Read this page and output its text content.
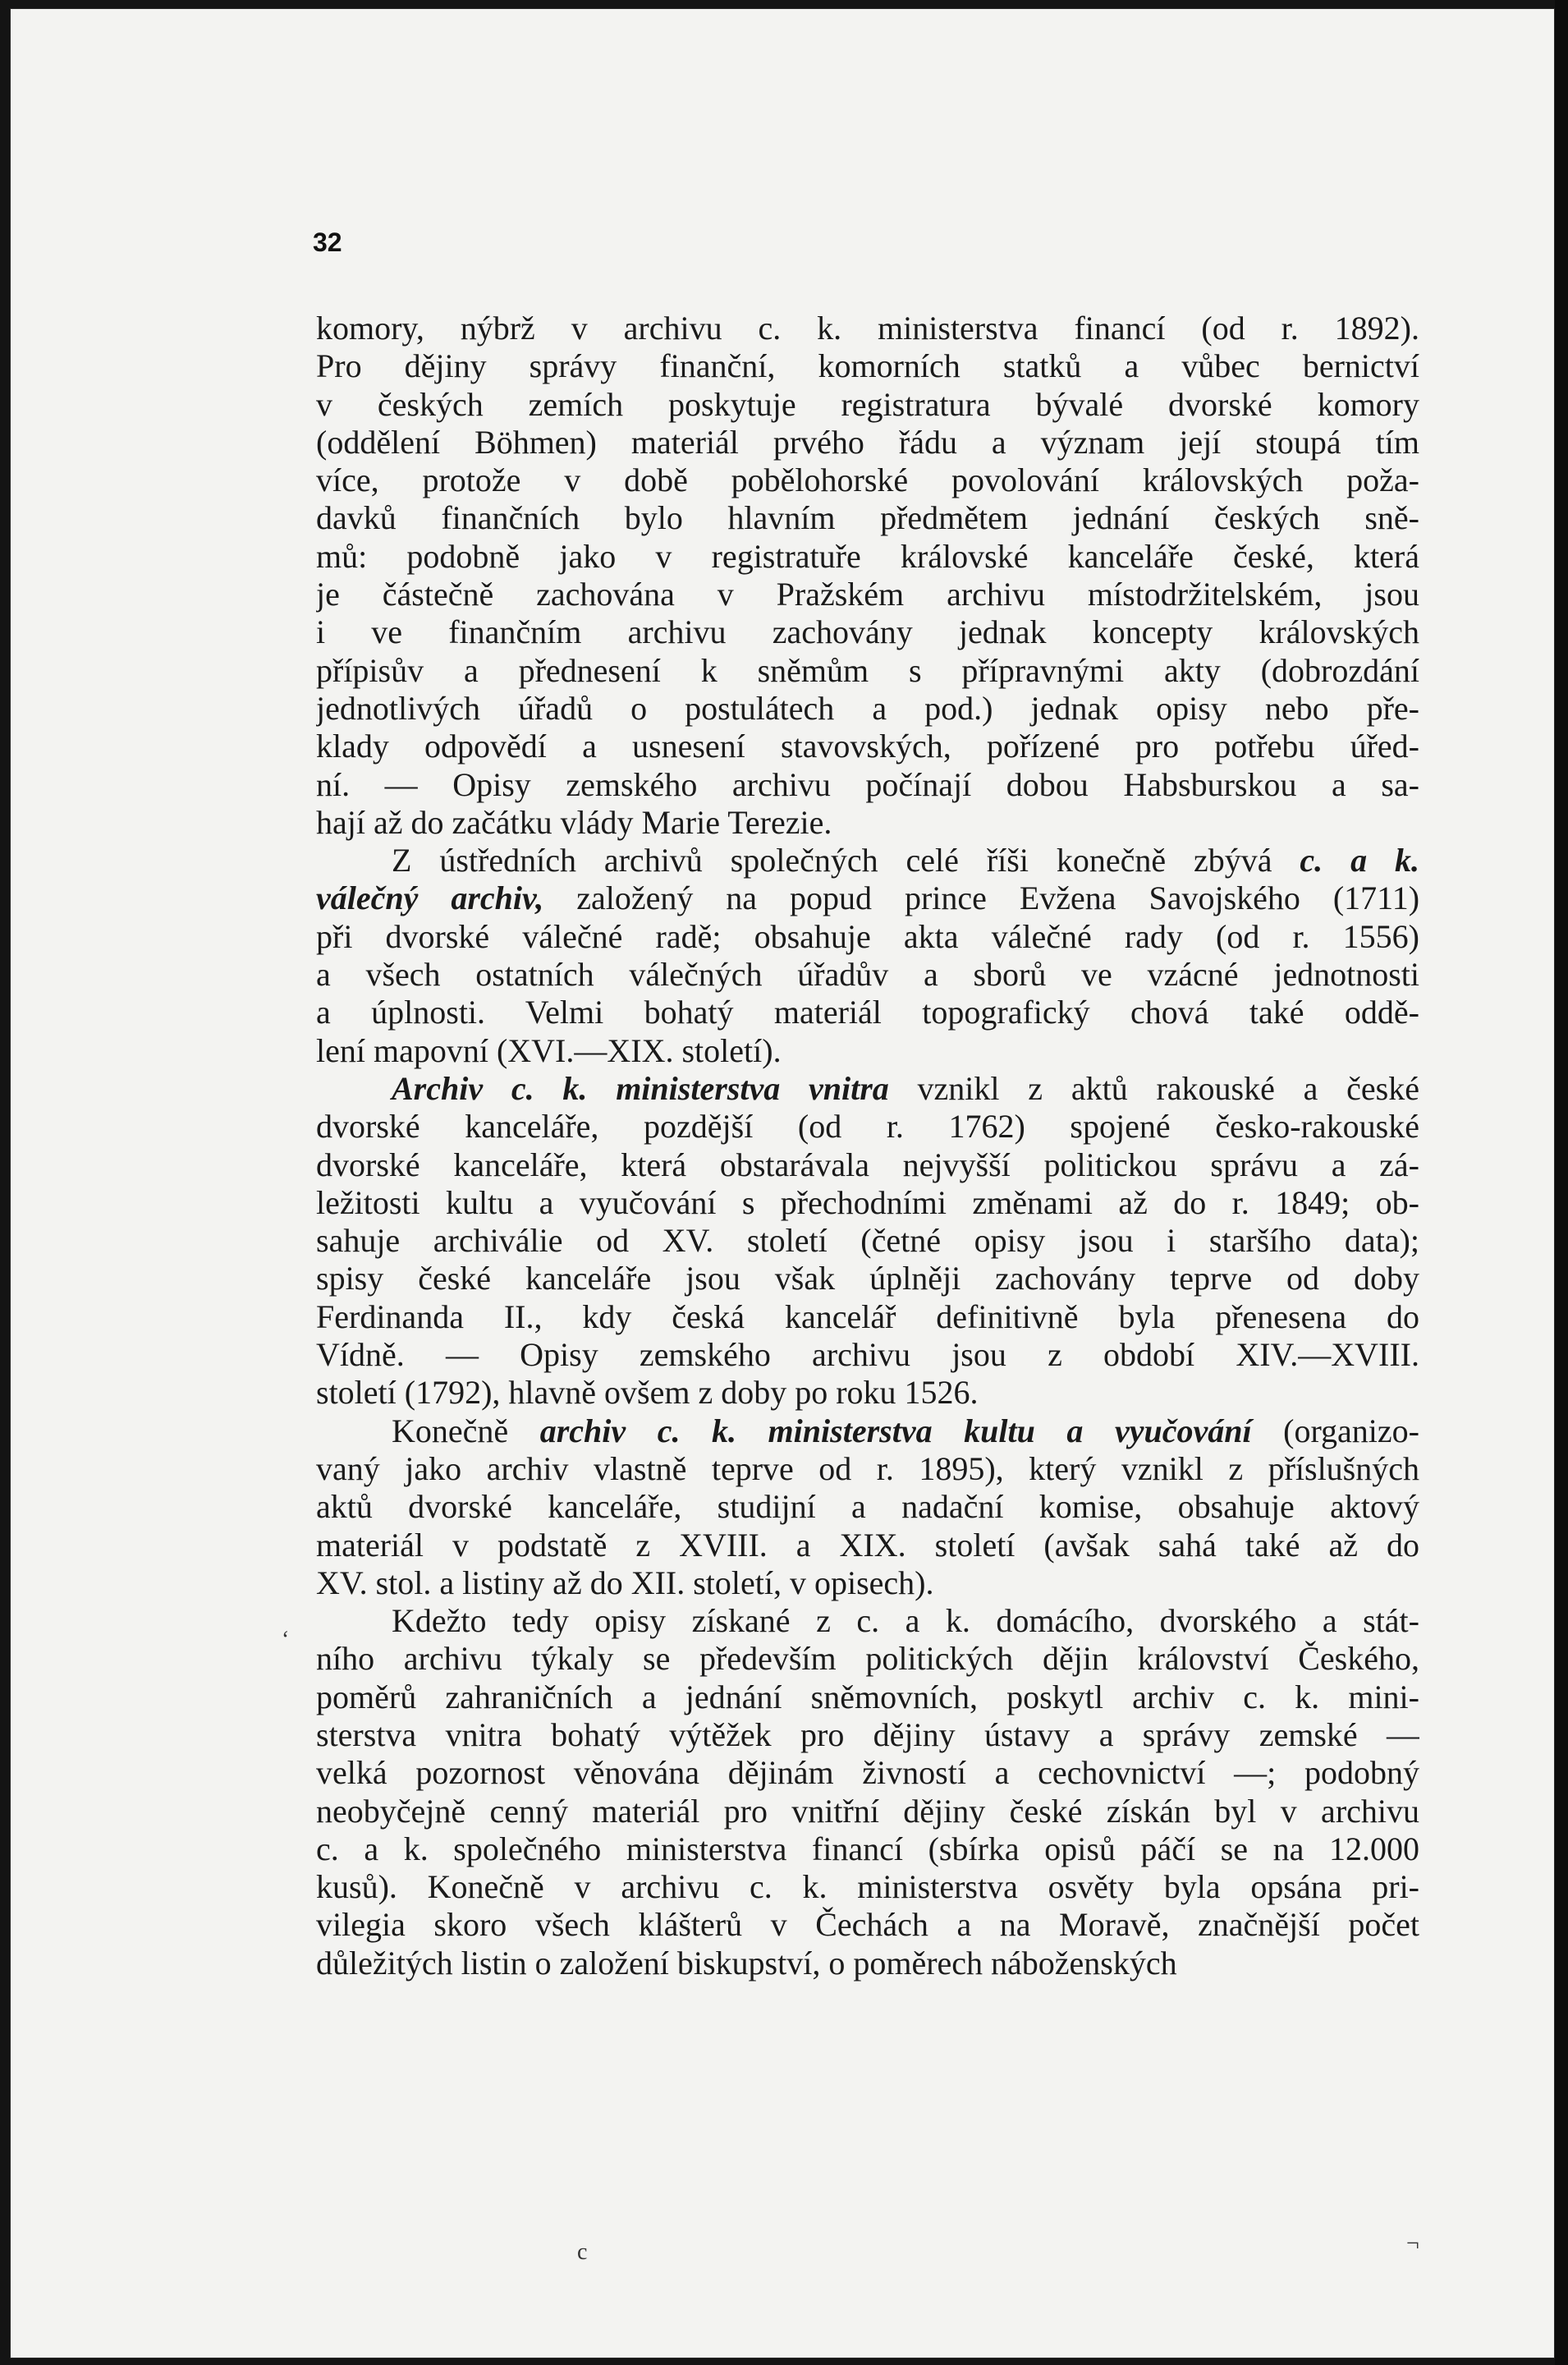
32
komory, nýbrž v archivu c. k. ministerstva financí (od r. 1892).
Pro dějiny správy finanční, komorních statků a vůbec bernictví
v českých zemích poskytuje registratura bývalé dvorské komory
(oddělení Böhmen) materiál prvého řádu a význam její stoupá tím
více, protože v době pobělohorské povolování královských poža-
davků finančních bylo hlavním předmětem jednání českých sně-
mů: podobně jako v registratuře královské kanceláře české, která
je částečně zachována v Pražském archivu místodržitelském, jsou
i ve finančním archivu zachovány jednak koncepty královských
přípisův a přednesení k sněmům s přípravnými akty (dobrozdání
jednotlivých úřadů o postulátech a pod.) jednak opisy nebo pře-
klady odpovědí a usnesení stavovských, pořízené pro potřebu úřed-
ní. — Opisy zemského archivu počínají dobou Habsburskou a sa-
hají až do začátku vlády Marie Terezie.
Z ústředních archivů společných celé říši konečně zbývá c. a k.
válečný archiv, založený na popud prince Evžena Savojského (1711)
při dvorské válečné radě; obsahuje akta válečné rady (od r. 1556)
a všech ostatních válečných úřadův a sborů ve vzácné jednotnosti
a úplnosti. Velmi bohatý materiál topografický chová také oddě-
lení mapovní (XVI.—XIX. století).
Archiv c. k. ministerstva vnitra vznikl z aktů rakouské a české
dvorské kanceláře, pozdější (od r. 1762) spojené česko-rakouské
dvorské kanceláře, která obstarávala nejvyšší politickou správu a zá-
ležitosti kultu a vyučování s přechodními změnami až do r. 1849; ob-
sahuje archiválie od XV. století (četné opisy jsou i staršího data);
spisy české kanceláře jsou však úplněji zachovány teprve od doby
Ferdinanda II., kdy česká kancelář definitivně byla přenesena do
Vídně. — Opisy zemského archivu jsou z období XIV.—XVIII.
století (1792), hlavně ovšem z doby po roku 1526.
Konečně archiv c. k. ministerstva kultu a vyučování (organizo-
vaný jako archiv vlastně teprve od r. 1895), který vznikl z příslušných
aktů dvorské kanceláře, studijní a nadační komise, obsahuje aktový
materiál v podstatě z XVIII. a XIX. století (avšak sahá také až do
XV. stol. a listiny až do XII. století, v opisech).
Kdežto tedy opisy získané z c. a k. domácího, dvorského a stát-
ního archivu týkaly se především politických dějin království Českého,
poměrů zahraničních a jednání sněmovních, poskytl archiv c. k. mini-
sterstva vnitra bohatý výtěžek pro dějiny ústavy a správy zemské —
velká pozornost věnována dějinám živností a cechovnictví —; podobný
neobyčejně cenný materiál pro vnitřní dějiny české získán byl v archivu
c. a k. společného ministerstva financí (sbírka opisů páčí se na 12.000
kusů). Konečně v archivu c. k. ministerstva osvěty byla opsána pri-
vilegia skoro všech klášterů v Čechách a na Moravě, značnější počet
důležitých listin o založení biskupství, o poměrech náboženských
‘
¬
c
